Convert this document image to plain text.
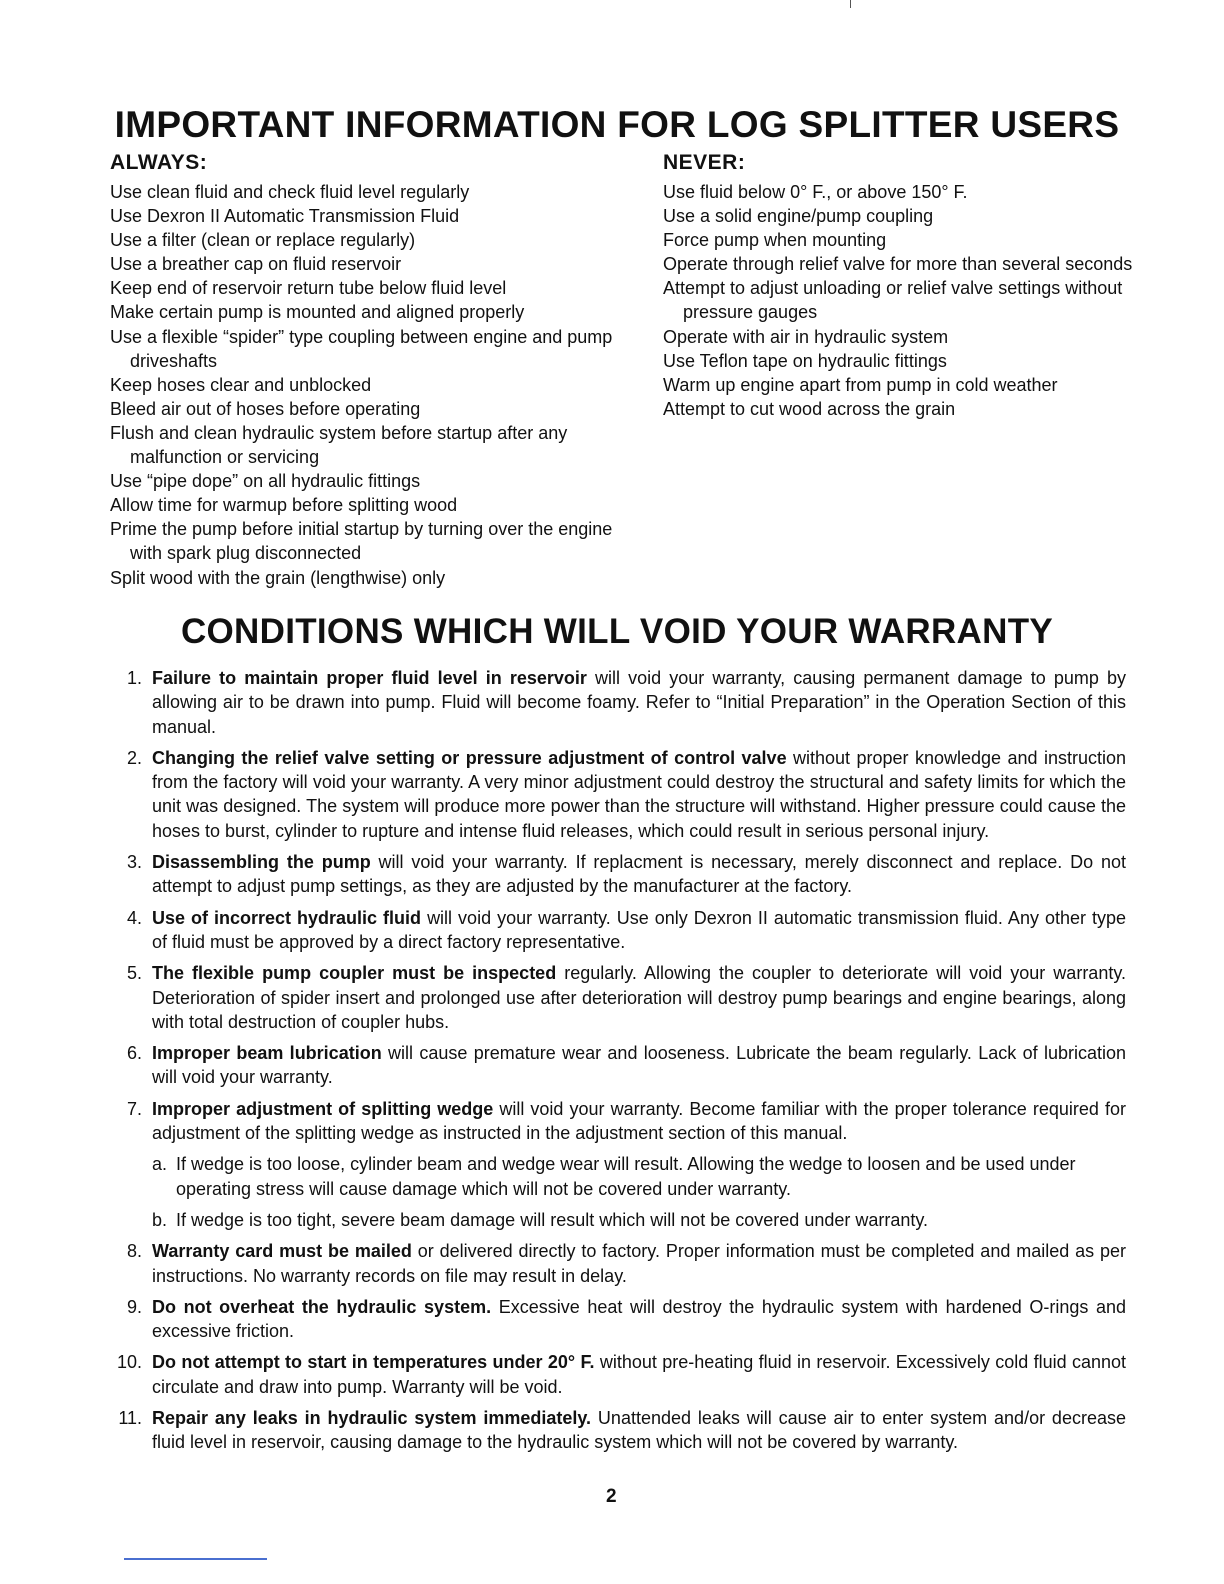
IMPORTANT INFORMATION FOR LOG SPLITTER USERS
ALWAYS:
Use clean fluid and check fluid level regularly
Use Dexron II Automatic Transmission Fluid
Use a filter (clean or replace regularly)
Use a breather cap on fluid reservoir
Keep end of reservoir return tube below fluid level
Make certain pump is mounted and aligned properly
Use a flexible “spider” type coupling between engine and pump driveshafts
Keep hoses clear and unblocked
Bleed air out of hoses before operating
Flush and clean hydraulic system before startup after any malfunction or servicing
Use “pipe dope” on all hydraulic fittings
Allow time for warmup before splitting wood
Prime the pump before initial startup by turning over the engine with spark plug disconnected
Split wood with the grain (lengthwise) only
NEVER:
Use fluid below 0° F., or above 150° F.
Use a solid engine/pump coupling
Force pump when mounting
Operate through relief valve for more than several seconds
Attempt to adjust unloading or relief valve settings without pressure gauges
Operate with air in hydraulic system
Use Teflon tape on hydraulic fittings
Warm up engine apart from pump in cold weather
Attempt to cut wood across the grain
CONDITIONS WHICH WILL VOID YOUR WARRANTY
1. Failure to maintain proper fluid level in reservoir will void your warranty, causing permanent damage to pump by allowing air to be drawn into pump. Fluid will become foamy. Refer to “Initial Preparation” in the Operation Section of this manual.
2. Changing the relief valve setting or pressure adjustment of control valve without proper knowledge and instruction from the factory will void your warranty. A very minor adjustment could destroy the structural and safety limits for which the unit was designed. The system will produce more power than the structure will withstand. Higher pressure could cause the hoses to burst, cylinder to rupture and intense fluid releases, which could result in serious personal injury.
3. Disassembling the pump will void your warranty. If replacment is necessary, merely disconnect and replace. Do not attempt to adjust pump settings, as they are adjusted by the manufacturer at the factory.
4. Use of incorrect hydraulic fluid will void your warranty. Use only Dexron II automatic transmission fluid. Any other type of fluid must be approved by a direct factory representative.
5. The flexible pump coupler must be inspected regularly. Allowing the coupler to deteriorate will void your warranty. Deterioration of spider insert and prolonged use after deterioration will destroy pump bearings and engine bearings, along with total destruction of coupler hubs.
6. Improper beam lubrication will cause premature wear and looseness. Lubricate the beam regularly. Lack of lubrication will void your warranty.
7. Improper adjustment of splitting wedge will void your warranty. Become familiar with the proper tolerance required for adjustment of the splitting wedge as instructed in the adjustment section of this manual.
a. If wedge is too loose, cylinder beam and wedge wear will result. Allowing the wedge to loosen and be used under operating stress will cause damage which will not be covered under warranty.
b. If wedge is too tight, severe beam damage will result which will not be covered under warranty.
8. Warranty card must be mailed or delivered directly to factory. Proper information must be completed and mailed as per instructions. No warranty records on file may result in delay.
9. Do not overheat the hydraulic system. Excessive heat will destroy the hydraulic system with hardened O-rings and excessive friction.
10. Do not attempt to start in temperatures under 20° F. without pre-heating fluid in reservoir. Excessively cold fluid cannot circulate and draw into pump. Warranty will be void.
11. Repair any leaks in hydraulic system immediately. Unattended leaks will cause air to enter system and/or decrease fluid level in reservoir, causing damage to the hydraulic system which will not be covered by warranty.
2
